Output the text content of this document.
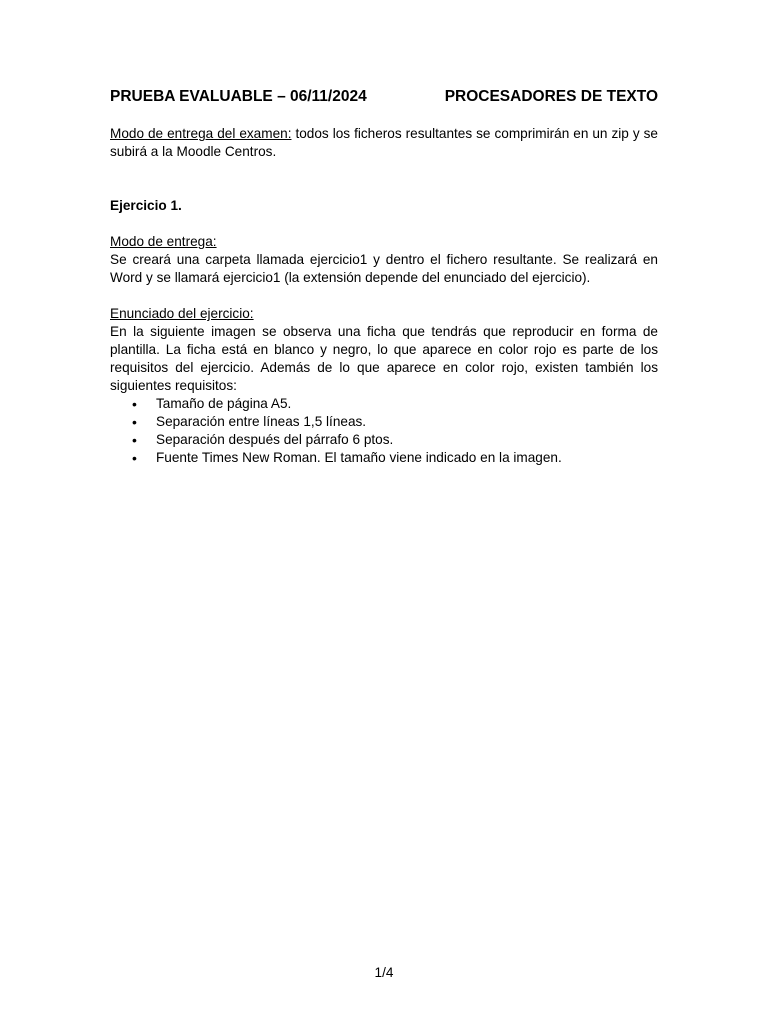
PRUEBA EVALUABLE – 06/11/2024	PROCESADORES DE TEXTO
Modo de entrega del examen: todos los ficheros resultantes se comprimirán en un zip y se subirá a la Moodle Centros.
Ejercicio 1.
Modo de entrega:
Se creará una carpeta llamada ejercicio1 y dentro el fichero resultante. Se realizará en Word y se llamará ejercicio1 (la extensión depende del enunciado del ejercicio).
Enunciado del ejercicio:
En la siguiente imagen se observa una ficha que tendrás que reproducir en forma de plantilla. La ficha está en blanco y negro, lo que aparece en color rojo es parte de los requisitos del ejercicio. Además de lo que aparece en color rojo, existen también los siguientes requisitos:
• Tamaño de página A5.
• Separación entre líneas 1,5 líneas.
• Separación después del párrafo 6 ptos.
• Fuente Times New Roman. El tamaño viene indicado en la imagen.
1/4
